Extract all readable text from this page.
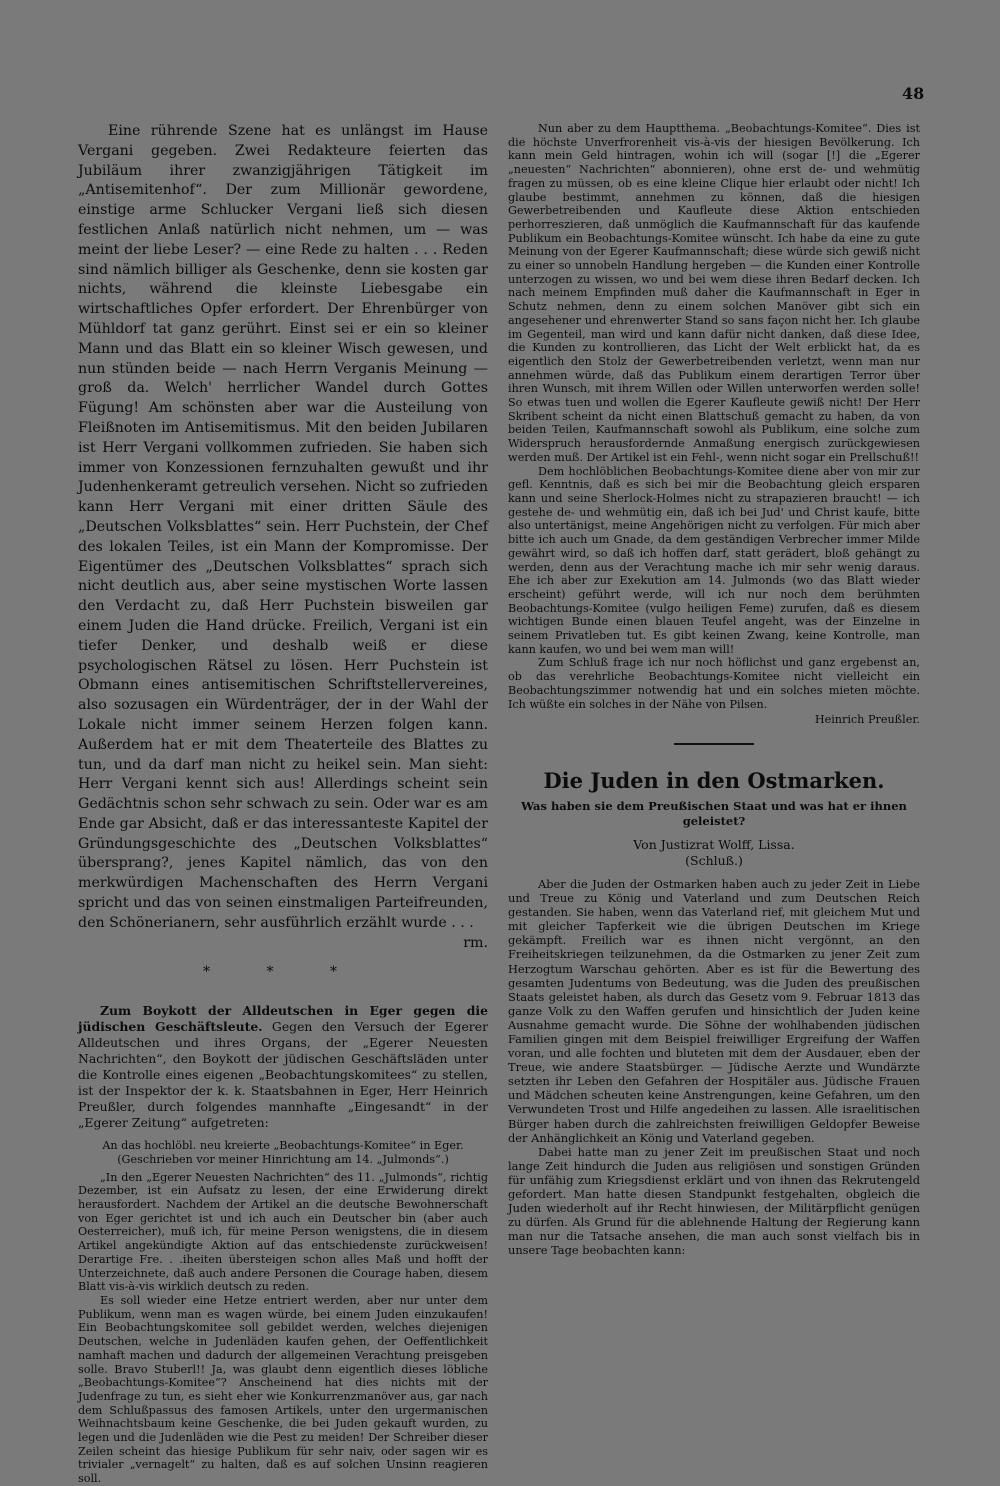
48

Eine rührende Szene hat es unlängst im Hause Vergani gegeben. Zwei Redakteure feierten das Jubiläum ihrer zwanzigjährigen Tätigkeit im „Antisemitenhof“. Der zum Millionär gewordene, einstige arme Schlucker Vergani ließ sich diesen festlichen Anlaß natürlich nicht nehmen, um — was meint der liebe Leser? — eine Rede zu halten . . . Reden sind nämlich billiger als Geschenke, denn sie kosten gar nichts, während die kleinste Liebesgabe ein wirtschaftliches Opfer erfordert. Der Ehrenbürger von Mühldorf tat ganz gerührt. Einst sei er ein so kleiner Mann und das Blatt ein so kleiner Wisch gewesen, und nun stünden beide — nach Herrn Verganis Meinung — groß da. Welch' herrlicher Wandel durch Gottes Fügung! Am schönsten aber war die Austeilung von Fleißnoten im Antisemitismus. Mit den beiden Jubilaren ist Herr Vergani vollkommen zufrieden. Sie haben sich immer von Konzessionen fernzuhalten gewußt und ihr Judenhenkeramt getreulich versehen. Nicht so zufrieden kann Herr Vergani mit einer dritten Säule des „Deutschen Volksblattes“ sein. Herr Puchstein, der Chef des lokalen Teiles, ist ein Mann der Kompromisse. Der Eigentümer des „Deutschen Volksblattes“ sprach sich nicht deutlich aus, aber seine mystischen Worte lassen den Verdacht zu, daß Herr Puchstein bisweilen gar einem Juden die Hand drücke. Freilich, Vergani ist ein tiefer Denker, und deshalb weiß er diese psychologischen Rätsel zu lösen. Herr Puchstein ist Obmann eines antisemitischen Schriftstellervereines, also sozusagen ein Würdenträger, der in der Wahl der Lokale nicht immer seinem Herzen folgen kann. Außerdem hat er mit dem Theaterteile des Blattes zu tun, und da darf man nicht zu heikel sein. Man sieht: Herr Vergani kennt sich aus! Allerdings scheint sein Gedächtnis schon sehr schwach zu sein. Oder war es am Ende gar Absicht, daß er das interessanteste Kapitel der Gründungsgeschichte des „Deutschen Volksblattes“ übersprang?, jenes Kapitel nämlich, das von den merkwürdigen Machenschaften des Herrn Vergani spricht und das von seinen einstmaligen Parteifreunden, den Schönerianern, sehr ausführlich erzählt wurde . . .

rm.
* * *

Zum Boykott der Alldeutschen in Eger gegen die jüdischen Geschäftsleute. Gegen den Versuch der Egerer Alldeutschen und ihres Organs, der „Egerer Neuesten Nachrichten“, den Boykott der jüdischen Geschäftsläden unter die Kontrolle eines eigenen „Beobachtungskomitees“ zu stellen, ist der Inspektor der k. k. Staatsbahnen in Eger, Herr Heinrich Preußler, durch folgendes mannhafte „Eingesandt“ in der „Egerer Zeitung“ aufgetreten:

An das hochlöbl. neu kreierte „Beobachtungs-Komitee“ in Eger.

(Geschrieben vor meiner Hinrichtung am 14. „Julmonds“.)

„In den „Egerer Neuesten Nachrichten“ des 11. „Julmonds“, richtig Dezember, ist ein Aufsatz zu lesen, der eine Erwiderung direkt herausfordert. Nachdem der Artikel an die deutsche Bewohnerschaft von Eger gerichtet ist und ich auch ein Deutscher bin (aber auch Oesterreicher), muß ich, für meine Person wenigstens, die in diesem Artikel angekündigte Aktion auf das entschiedenste zurückweisen! Derartige Fre. . .iheiten übersteigen schon alles Maß und hofft der Unterzeichnete, daß auch andere Personen die Courage haben, diesem Blatt vis-à-vis wirklich deutsch zu reden.

Es soll wieder eine Hetze entriert werden, aber nur unter dem Publikum, wenn man es wagen würde, bei einem Juden einzukaufen! Ein Beobachtungskomitee soll gebildet werden, welches diejenigen Deutschen, welche in Judenläden kaufen gehen, der Oeffentlichkeit namhaft machen und dadurch der allgemeinen Verachtung preisgeben solle. Bravo Stuberl!! Ja, was glaubt denn eigentlich dieses löbliche „Beobachtungs-Komitee“? Anscheinend hat dies nichts mit der Judenfrage zu tun, es sieht eher wie Konkurrenzmanöver aus, gar nach dem Schlußpassus des famosen Artikels, unter den urgermanischen Weihnachtsbaum keine Geschenke, die bei Juden gekauft wurden, zu legen und die Judenläden wie die Pest zu meiden! Der Schreiber dieser Zeilen scheint das hiesige Publikum für sehr naiv, oder sagen wir es trivialer „vernagelt“ zu halten, daß es auf solchen Unsinn reagieren soll.

Nun aber zu dem Hauptthema. „Beobachtungs-Komitee“. Dies ist die höchste Unverfrorenheit vis-à-vis der hiesigen Bevölkerung. Ich kann mein Geld hintragen, wohin ich will (sogar [!] die „Egerer „neuesten“ Nachrichten“ abonnieren), ohne erst de- und wehmütig fragen zu müssen, ob es eine kleine Clique hier erlaubt oder nicht! Ich glaube bestimmt, annehmen zu können, daß die hiesigen Gewerbetreibenden und Kaufleute diese Aktion entschieden perhorreszieren, daß unmöglich die Kaufmannschaft für das kaufende Publikum ein Beobachtungs-Komitee wünscht. Ich habe da eine zu gute Meinung von der Egerer Kaufmannschaft; diese würde sich gewiß nicht zu einer so unnobeln Handlung hergeben — die Kunden einer Kontrolle unterzogen zu wissen, wo und bei wem diese ihren Bedarf decken. Ich nach meinem Empfinden muß daher die Kaufmannschaft in Eger in Schutz nehmen, denn zu einem solchen Manöver gibt sich ein angesehener und ehrenwerter Stand so sans façon nicht her. Ich glaube im Gegenteil, man wird und kann dafür nicht danken, daß diese Idee, die Kunden zu kontrollieren, das Licht der Welt erblickt hat, da es eigentlich den Stolz der Gewerbetreibenden verletzt, wenn man nur annehmen würde, daß das Publikum einem derartigen Terror über ihren Wunsch, mit ihrem Willen oder Willen unterworfen werden solle! So etwas tuen und wollen die Egerer Kaufleute gewiß nicht! Der Herr Skribent scheint da nicht einen Blattschuß gemacht zu haben, da von beiden Teilen, Kaufmannschaft sowohl als Publikum, eine solche zum Widerspruch herausfordernde Anmaßung energisch zurückgewiesen werden muß. Der Artikel ist ein Fehl-, wenn nicht sogar ein Prellschuß!!

Dem hochlöblichen Beobachtungs-Komitee diene aber von mir zur gefl. Kenntnis, daß es sich bei mir die Beobachtung gleich ersparen kann und seine Sherlock-Holmes nicht zu strapazieren braucht! — ich gestehe de- und wehmütig ein, daß ich bei Jud' und Christ kaufe, bitte also untertänigst, meine Angehörigen nicht zu verfolgen. Für mich aber bitte ich auch um Gnade, da dem geständigen Verbrecher immer Milde gewährt wird, so daß ich hoffen darf, statt gerädert, bloß gehängt zu werden, denn aus der Verachtung mache ich mir sehr wenig daraus. Ehe ich aber zur Exekution am 14. Julmonds (wo das Blatt wieder erscheint) geführt werde, will ich nur noch dem berühmten Beobachtungs-Komitee (vulgo heiligen Feme) zurufen, daß es diesem wichtigen Bunde einen blauen Teufel angeht, was der Einzelne in seinem Privatleben tut. Es gibt keinen Zwang, keine Kontrolle, man kann kaufen, wo und bei wem man will!

Zum Schluß frage ich nur noch höflichst und ganz ergebenst an, ob das verehrliche Beobachtungs-Komitee nicht vielleicht ein Beobachtungszimmer notwendig hat und ein solches mieten möchte. Ich wüßte ein solches in der Nähe von Pilsen.

Heinrich Preußler.
Die Juden in den Ostmarken.
Was haben sie dem Preußischen Staat und was hat er ihnen geleistet?
Von Justizrat Wolff, Lissa.
(Schluß.)

Aber die Juden der Ostmarken haben auch zu jeder Zeit in Liebe und Treue zu König und Vaterland und zum Deutschen Reich gestanden. Sie haben, wenn das Vaterland rief, mit gleichem Mut und mit gleicher Tapferkeit wie die übrigen Deutschen im Kriege gekämpft. Freilich war es ihnen nicht vergönnt, an den Freiheitskriegen teilzunehmen, da die Ostmarken zu jener Zeit zum Herzogtum Warschau gehörten. Aber es ist für die Bewertung des gesamten Judentums von Bedeutung, was die Juden des preußischen Staats geleistet haben, als durch das Gesetz vom 9. Februar 1813 das ganze Volk zu den Waffen gerufen und hinsichtlich der Juden keine Ausnahme gemacht wurde. Die Söhne der wohlhabenden jüdischen Familien gingen mit dem Beispiel freiwilliger Ergreifung der Waffen voran, und alle fochten und bluteten mit dem der Ausdauer, eben der Treue, wie andere Staatsbürger. — Jüdische Aerzte und Wundärzte setzten ihr Leben den Gefahren der Hospitäler aus. Jüdische Frauen und Mädchen scheuten keine Anstrengungen, keine Gefahren, um den Verwundeten Trost und Hilfe angedeihen zu lassen. Alle israelitischen Bürger haben durch die zahlreichsten freiwilligen Geldopfer Beweise der Anhänglichkeit an König und Vaterland gegeben.

Dabei hatte man zu jener Zeit im preußischen Staat und noch lange Zeit hindurch die Juden aus religiösen und sonstigen Gründen für unfähig zum Kriegsdienst erklärt und von ihnen das Rekrutengeld gefordert. Man hatte diesen Standpunkt festgehalten, obgleich die Juden wiederholt auf ihr Recht hinwiesen, der Militärpflicht genügen zu dürfen. Als Grund für die ablehnende Haltung der Regierung kann man nur die Tatsache ansehen, die man auch sonst vielfach bis in unsere Tage beobachten kann:
